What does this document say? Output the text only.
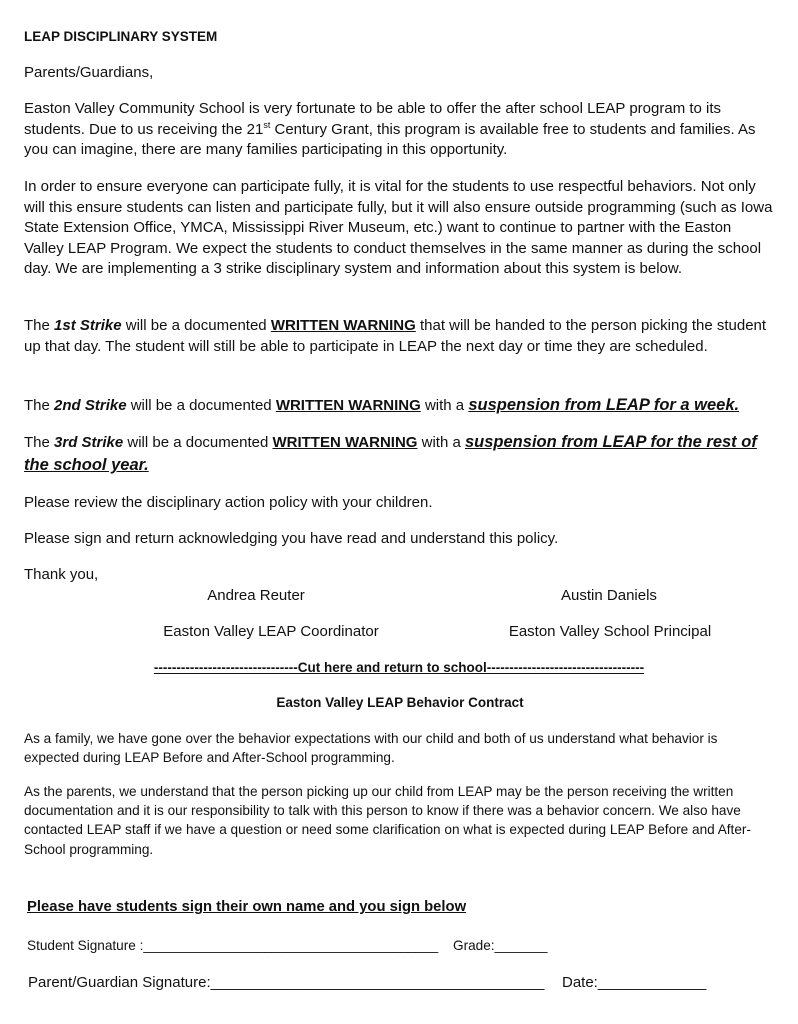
LEAP DISCIPLINARY SYSTEM
Parents/Guardians,
Easton Valley Community School is very fortunate to be able to offer the after school LEAP program to its students. Due to us receiving the 21st Century Grant, this program is available free to students and families. As you can imagine, there are many families participating in this opportunity.
In order to ensure everyone can participate fully, it is vital for the students to use respectful behaviors. Not only will this ensure students can listen and participate fully, but it will also ensure outside programming (such as Iowa State Extension Office, YMCA, Mississippi River Museum, etc.) want to continue to partner with the Easton Valley LEAP Program. We expect the students to conduct themselves in the same manner as during the school day. We are implementing a 3 strike disciplinary system and information about this system is below.
The 1st Strike will be a documented WRITTEN WARNING that will be handed to the person picking the student up that day. The student will still be able to participate in LEAP the next day or time they are scheduled.
The 2nd Strike will be a documented WRITTEN WARNING with a suspension from LEAP for a week.
The 3rd Strike will be a documented WRITTEN WARNING with a suspension from LEAP for the rest of the school year.
Please review the disciplinary action policy with your children.
Please sign and return acknowledging you have read and understand this policy.
Thank you,
Andrea Reuter
Easton Valley LEAP Coordinator
Austin Daniels
Easton Valley School Principal
--------------------------------Cut here and return to school-----------------------------------
Easton Valley LEAP Behavior Contract
As a family, we have gone over the behavior expectations with our child and both of us understand what behavior is expected during LEAP Before and After-School programming.
As the parents, we understand that the person picking up our child from LEAP may be the person receiving the written documentation and it is our responsibility to talk with this person to know if there was a behavior concern. We also have contacted LEAP staff if we have a question or need some clarification on what is expected during LEAP Before and After-School programming.
Please have students sign their own name and you sign below
Student Signature :_______________________________________ Grade:_______
Parent/Guardian Signature:________________________________________ Date:_____________
